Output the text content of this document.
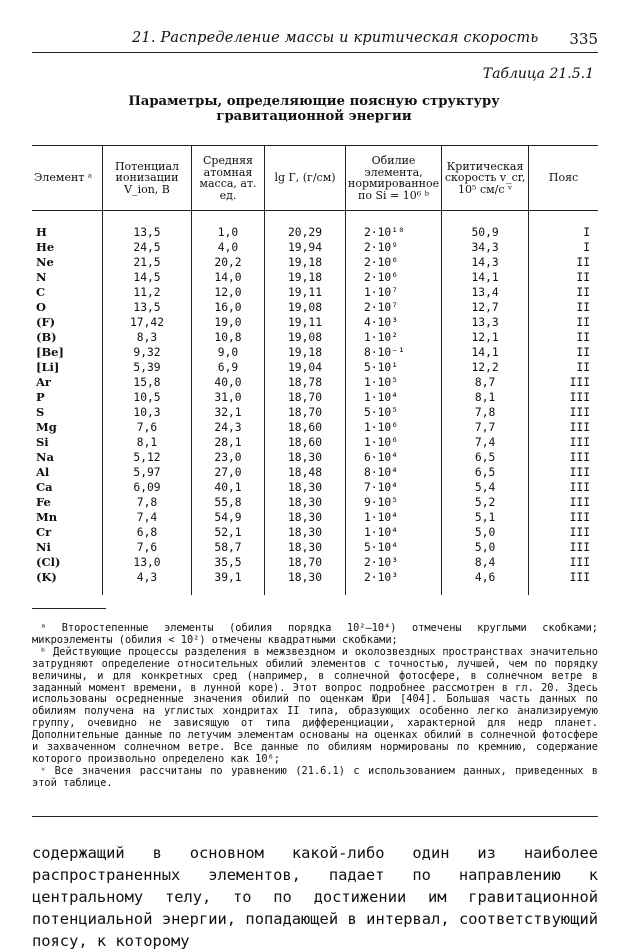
21. Распределение массы и критическая скорость 335
Таблица 21.5.1
Параметры, определяющие поясную структуру
гравитационной энергии
Элемент ᵃ	Потенциал ионизации V_ion, В	Средняя атомная масса, ат. ед.	lg Г, (г/см)	Обилие элемента, нормированное по Si = 10⁶ ᵇ	Критическая скорость v_cr, 10⁵ см/с ᵛ	Пояс
H	13,5	1,0	20,29	2·10¹⁰	50,9	I
He	24,5	4,0	19,94	2·10⁹	34,3	I
Ne	21,5	20,2	19,18	2·10⁶	14,3	II
N	14,5	14,0	19,18	2·10⁶	14,1	II
C	11,2	12,0	19,11	1·10⁷	13,4	II
O	13,5	16,0	19,08	2·10⁷	12,7	II
(F)	17,42	19,0	19,11	4·10³	13,3	II
(B)	8,3	10,8	19,08	1·10²	12,1	II
[Be]	9,32	9,0	19,18	8·10⁻¹	14,1	II
[Li]	5,39	6,9	19,04	5·10¹	12,2	II
Ar	15,8	40,0	18,78	1·10⁵	8,7	III
P	10,5	31,0	18,70	1·10⁴	8,1	III
S	10,3	32,1	18,70	5·10⁵	7,8	III
Mg	7,6	24,3	18,60	1·10⁶	7,7	III
Si	8,1	28,1	18,60	1·10⁶	7,4	III
Na	5,12	23,0	18,30	6·10⁴	6,5	III
Al	5,97	27,0	18,48	8·10⁴	6,5	III
Ca	6,09	40,1	18,30	7·10⁴	5,4	III
Fe	7,8	55,8	18,30	9·10⁵	5,2	III
Mn	7,4	54,9	18,30	1·10⁴	5,1	III
Cr	6,8	52,1	18,30	1·10⁴	5,0	III
Ni	7,6	58,7	18,30	5·10⁴	5,0	III
(Cl)	13,0	35,5	18,70	2·10³	8,4	III
(K)	4,3	39,1	18,30	2·10³	4,6	III

ᵃ Второстепенные элементы (обилия порядка 10²—10⁴) отмечены круглыми скобками; микроэлементы (обилия < 10²) отмечены квадратными скобками;

ᵇ Действующие процессы разделения в межзвездном и околозвездных пространствах значительно затрудняют определение относительных обилий элементов с точностью, лучшей, чем по порядку величины, и для конкретных сред (например, в солнечной фотосфере, в солнечном ветре в заданный момент времени, в лунной коре). Этот вопрос подробнее рассмотрен в гл. 20. Здесь использованы осредненные значения обилий по оценкам Юри [404]. Большая часть данных по обилиям получена на углистых хондритах II типа, образующих особенно легко анализируемую группу, очевидно не зависящую от типа дифференциации, характерной для недр планет. Дополнительные данные по летучим элементам основаны на оценках обилий в солнечной фотосфере и захваченном солнечном ветре. Все данные по обилиям нормированы по кремнию, содержание которого произвольно определено как 10⁶;

ᵛ Все значения рассчитаны по уравнению (21.6.1) с использованием данных, приведенных в этой таблице.

содержащий в основном какой-либо один из наиболее распространенных элементов, падает по направлению к центральному телу, то по достижении им гравитационной потенциальной энергии, попадающей в интервал, соответствующий поясу, к которому
